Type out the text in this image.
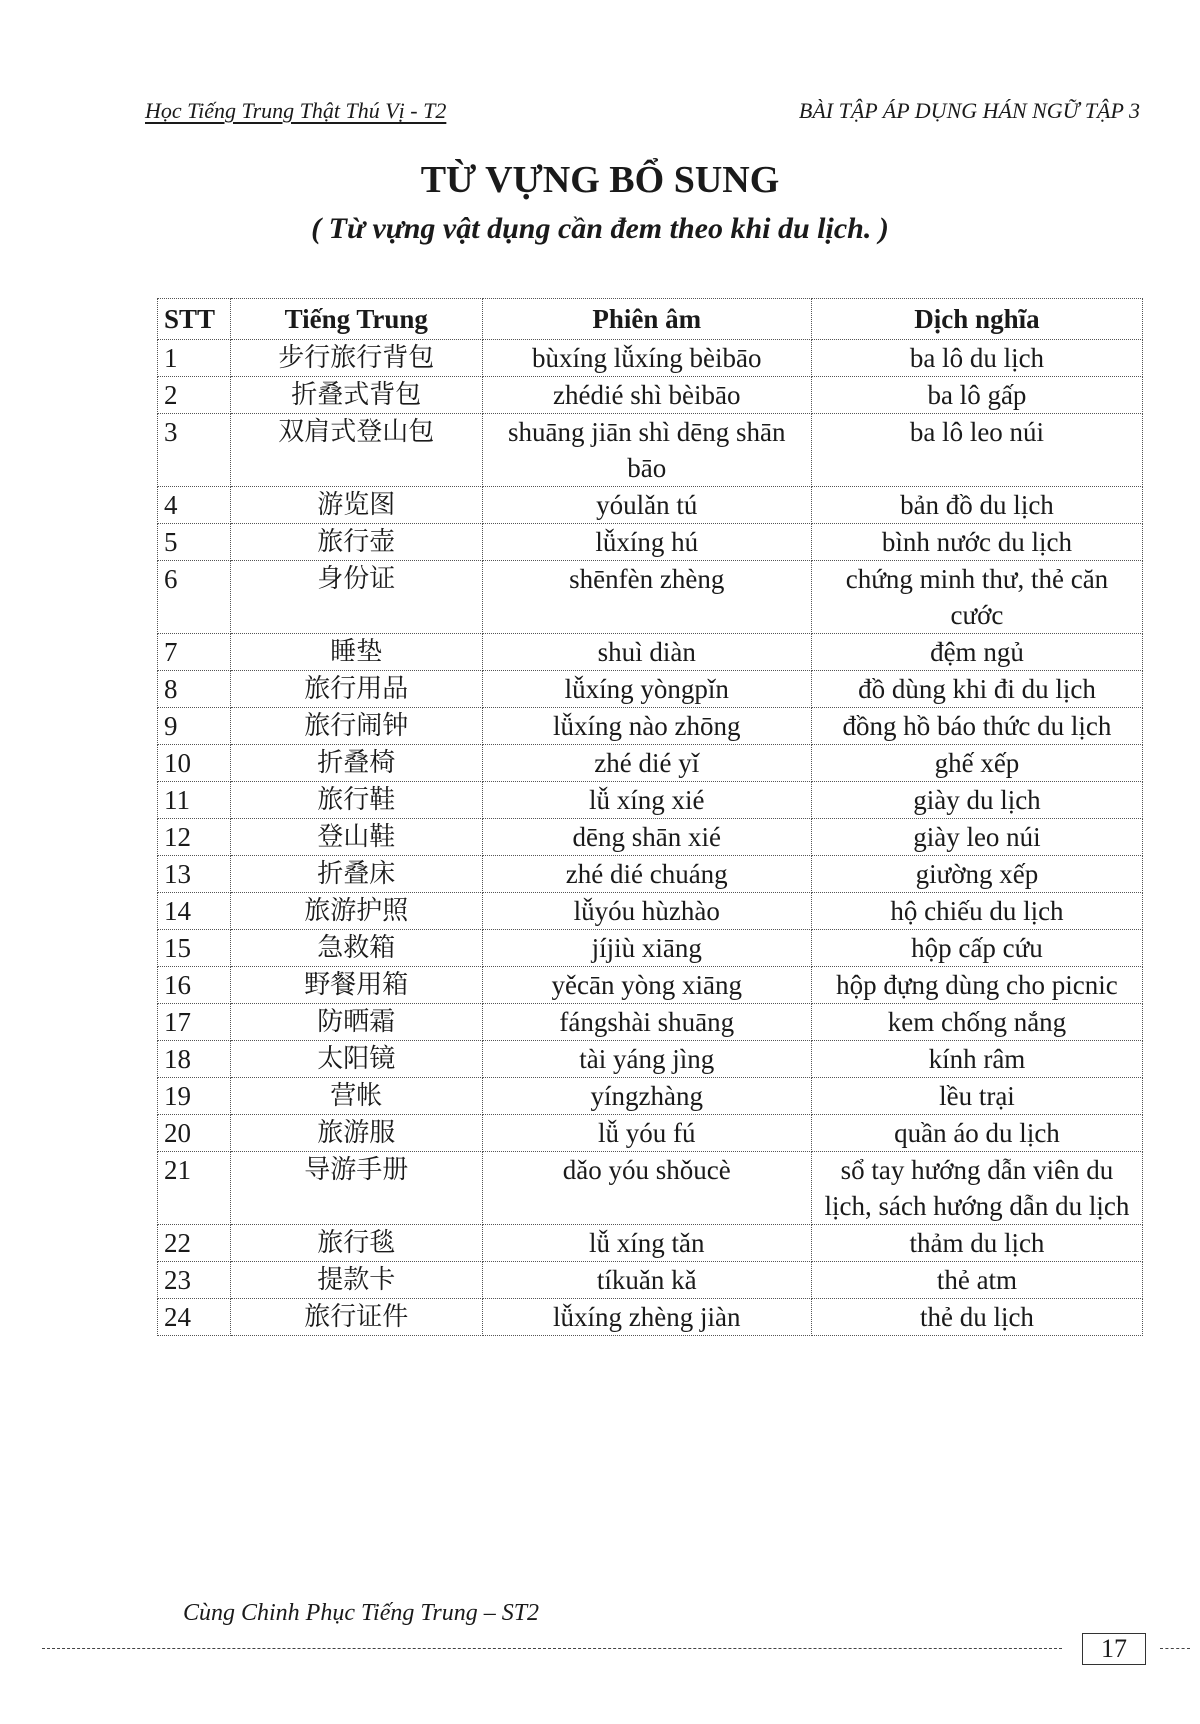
Học Tiếng Trung Thật Thú Vị - T2	BÀI TẬP ÁP DỤNG HÁN NGỮ TẬP 3
TỪ VỰNG BỔ SUNG
( Từ vựng vật dụng cần đem theo khi du lịch. )
STT	Tiếng Trung	Phiên âm	Dịch nghĩa
1	步行旅行背包	bùxíng lǚxíng bèibāo	ba lô du lịch
2	折叠式背包	zhédié shì bèibāo	ba lô gấp
3	双肩式登山包	shuāng jiān shì dēng shān bāo	ba lô leo núi
4	游览图	yóulǎn tú	bản đồ du lịch
5	旅行壶	lǚxíng hú	bình nước du lịch
6	身份证	shēnfèn zhèng	chứng minh thư, thẻ căn cước
7	睡垫	shuì diàn	đệm ngủ
8	旅行用品	lǚxíng yòngpǐn	đồ dùng khi đi du lịch
9	旅行闹钟	lǚxíng nào zhōng	đồng hồ báo thức du lịch
10	折叠椅	zhé dié yǐ	ghế xếp
11	旅行鞋	lǚ xíng xié	giày du lịch
12	登山鞋	dēng shān xié	giày leo núi
13	折叠床	zhé dié chuáng	giường xếp
14	旅游护照	lǚyóu hùzhào	hộ chiếu du lịch
15	急救箱	jíjiù xiāng	hộp cấp cứu
16	野餐用箱	yěcān yòng xiāng	hộp đựng dùng cho picnic
17	防晒霜	fángshài shuāng	kem chống nắng
18	太阳镜	tài yáng jìng	kính râm
19	营帐	yíngzhàng	lều trại
20	旅游服	lǚ yóu fú	quần áo du lịch
21	导游手册	dǎo yóu shǒucè	sổ tay hướng dẫn viên du lịch, sách hướng dẫn du lịch
22	旅行毯	lǚ xíng tǎn	thảm du lịch
23	提款卡	tíkuǎn kǎ	thẻ atm
24	旅行证件	lǚxíng zhèng jiàn	thẻ du lịch
Cùng Chinh Phục Tiếng Trung – ST2
17
